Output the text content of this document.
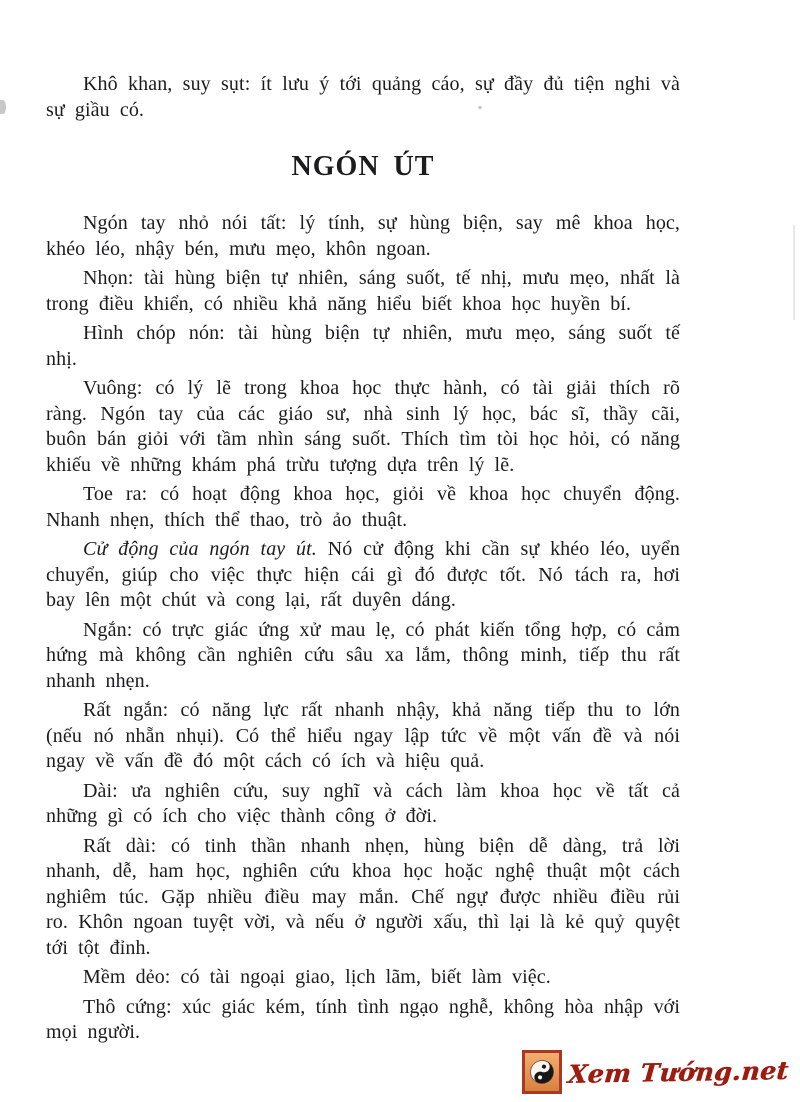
Khô khan, suy sụt: ít lưu ý tới quảng cáo, sự đầy đủ tiện nghi và sự giầu có.

NGÓN ÚT

Ngón tay nhỏ nói tất: lý tính, sự hùng biện, say mê khoa học, khéo léo, nhậy bén, mưu mẹo, khôn ngoan.

Nhọn: tài hùng biện tự nhiên, sáng suốt, tế nhị, mưu mẹo, nhất là trong điều khiển, có nhiều khả năng hiểu biết khoa học huyền bí.

Hình chóp nón: tài hùng biện tự nhiên, mưu mẹo, sáng suốt tế nhị.

Vuông: có lý lẽ trong khoa học thực hành, có tài giải thích rõ ràng. Ngón tay của các giáo sư, nhà sinh lý học, bác sĩ, thầy cãi, buôn bán giỏi với tầm nhìn sáng suốt. Thích tìm tòi học hỏi, có năng khiếu về những khám phá trừu tượng dựa trên lý lẽ.

Toe ra: có hoạt động khoa học, giỏi về khoa học chuyển động. Nhanh nhẹn, thích thể thao, trò ảo thuật.

Cử động của ngón tay út. Nó cử động khi cần sự khéo léo, uyển chuyển, giúp cho việc thực hiện cái gì đó được tốt. Nó tách ra, hơi bay lên một chút và cong lại, rất duyên dáng.

Ngắn: có trực giác ứng xử mau lẹ, có phát kiến tổng hợp, có cảm hứng mà không cần nghiên cứu sâu xa lắm, thông minh, tiếp thu rất nhanh nhẹn.

Rất ngắn: có năng lực rất nhanh nhậy, khả năng tiếp thu to lớn (nếu nó nhẵn nhụi). Có thể hiểu ngay lập tức về một vấn đề và nói ngay về vấn đề đó một cách có ích và hiệu quả.

Dài: ưa nghiên cứu, suy nghĩ và cách làm khoa học về tất cả những gì có ích cho việc thành công ở đời.

Rất dài: có tinh thần nhanh nhẹn, hùng biện dễ dàng, trả lời nhanh, dễ, ham học, nghiên cứu khoa học hoặc nghệ thuật một cách nghiêm túc. Gặp nhiều điều may mắn. Chế ngự được nhiều điều rủi ro. Khôn ngoan tuyệt vời, và nếu ở người xấu, thì lại là kẻ quỷ quyệt tới tột đỉnh.

Mềm dẻo: có tài ngoại giao, lịch lãm, biết làm việc.

Thô cứng: xúc giác kém, tính tình ngạo nghễ, không hòa nhập với mọi người.

Xem Tướng.net
